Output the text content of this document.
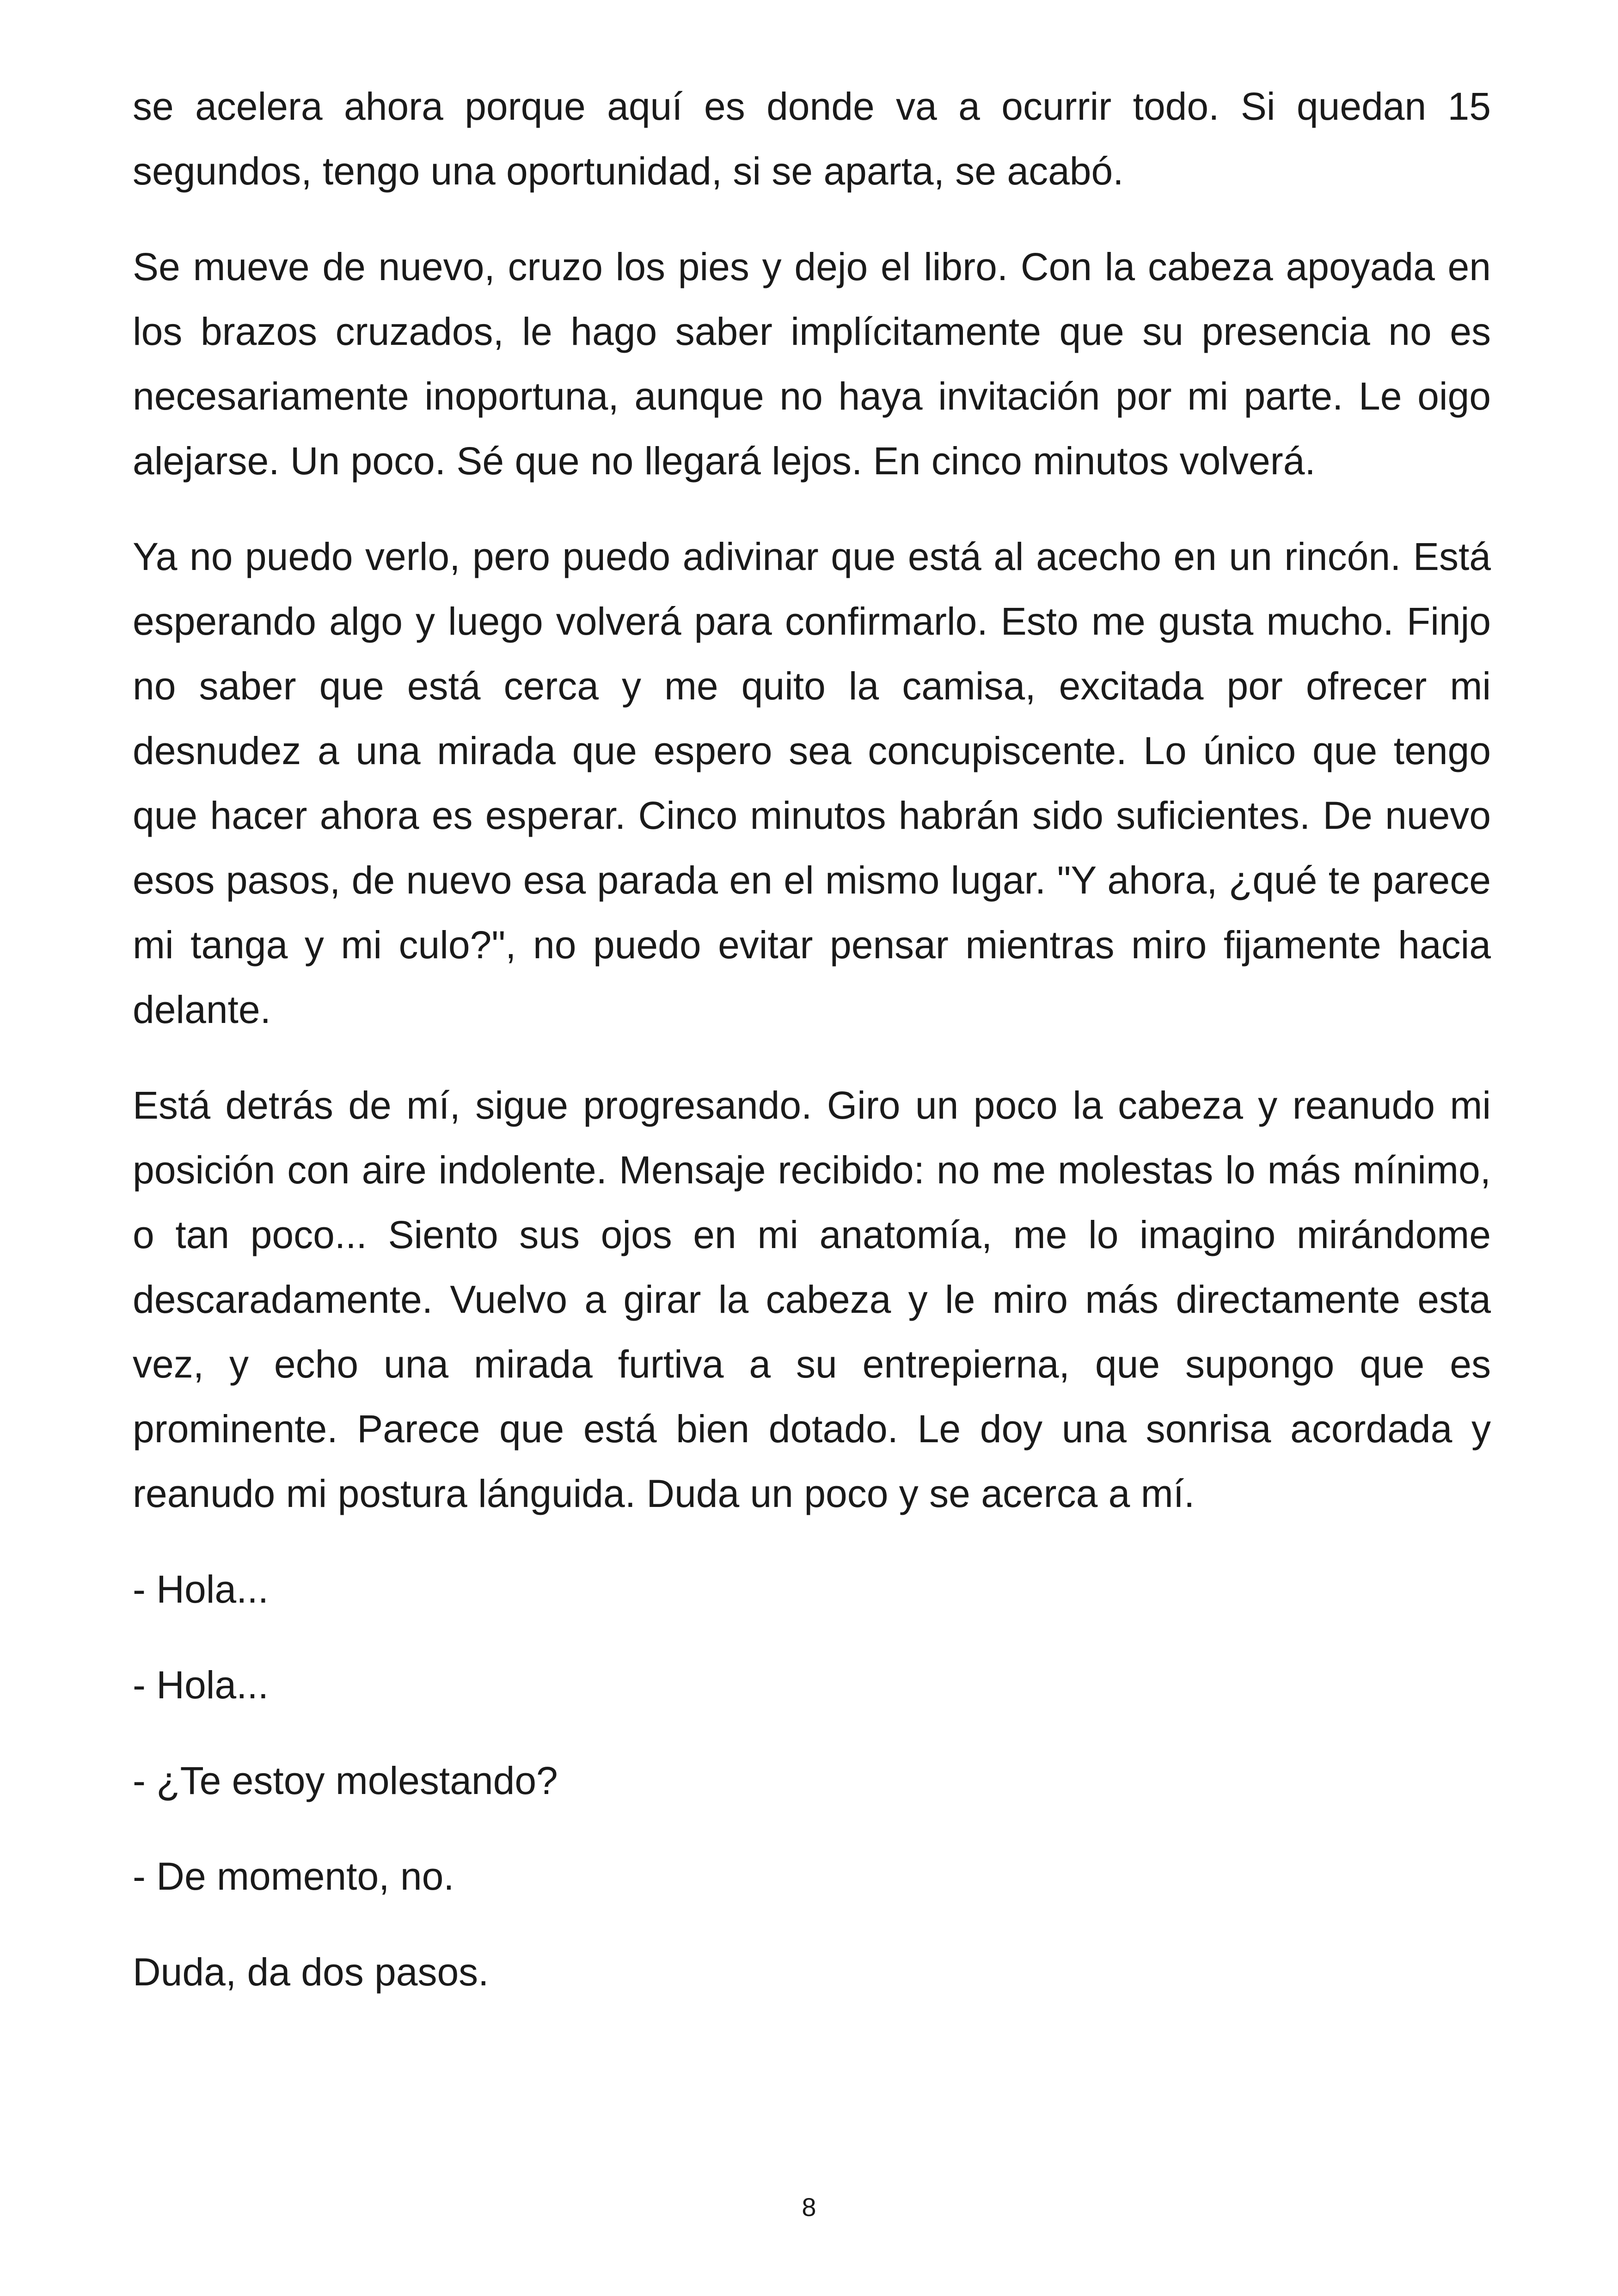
se acelera ahora porque aquí es donde va a ocurrir todo. Si quedan 15 segundos, tengo una oportunidad, si se aparta, se acabó.

Se mueve de nuevo, cruzo los pies y dejo el libro. Con la cabeza apoyada en los brazos cruzados, le hago saber implícitamente que su presencia no es necesariamente inoportuna, aunque no haya invitación por mi parte. Le oigo alejarse. Un poco. Sé que no llegará lejos. En cinco minutos volverá.

Ya no puedo verlo, pero puedo adivinar que está al acecho en un rincón. Está esperando algo y luego volverá para confirmarlo. Esto me gusta mucho. Finjo no saber que está cerca y me quito la camisa, excitada por ofrecer mi desnudez a una mirada que espero sea concupiscente. Lo único que tengo que hacer ahora es esperar. Cinco minutos habrán sido suficientes. De nuevo esos pasos, de nuevo esa parada en el mismo lugar. "Y ahora, ¿qué te parece mi tanga y mi culo?", no puedo evitar pensar mientras miro fijamente hacia delante.

Está detrás de mí, sigue progresando. Giro un poco la cabeza y reanudo mi posición con aire indolente. Mensaje recibido: no me molestas lo más mínimo, o tan poco... Siento sus ojos en mi anatomía, me lo imagino mirándome descaradamente. Vuelvo a girar la cabeza y le miro más directamente esta vez, y echo una mirada furtiva a su entrepierna, que supongo que es prominente. Parece que está bien dotado. Le doy una sonrisa acordada y reanudo mi postura lánguida. Duda un poco y se acerca a mí.

- Hola...

- Hola...

- ¿Te estoy molestando?

- De momento, no.

Duda, da dos pasos.

8
